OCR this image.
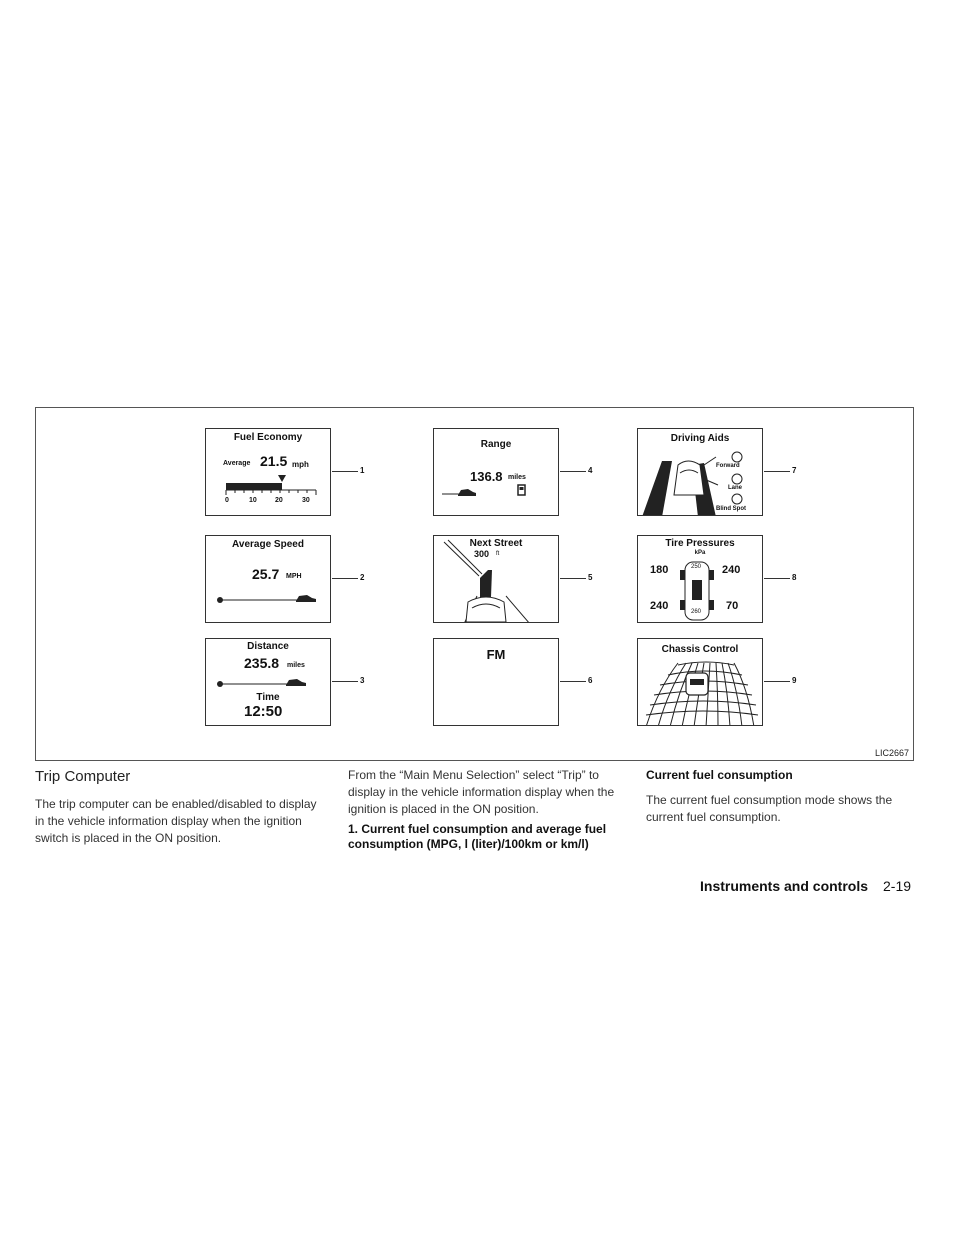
Fuel Economy
Average 21.5 mph
0	10	20	30
1
Average Speed
25.7 MPH	2
Distance
235.8 miles
Time
12:50
3
Range
136.8 miles
4
Next Street
300 ft
5
FM
6
Driving Aids
Forward
Lane
Blind Spot
7
Tire Pressures
kPa
180	240
240	70
250
260
8
Chassis Control
9
LIC2667
Trip Computer

The trip computer can be enabled/disabled to display in the vehicle information display when the ignition switch is placed in the ON position.

From the “Main Menu Selection” select “Trip” to display in the vehicle information display when the ignition is placed in the ON position.

1. Current fuel consumption and average fuel consumption (MPG, l (liter)/100km or km/l)

Current fuel consumption

The current fuel consumption mode shows the current fuel consumption.

Instruments and controls 2-19
